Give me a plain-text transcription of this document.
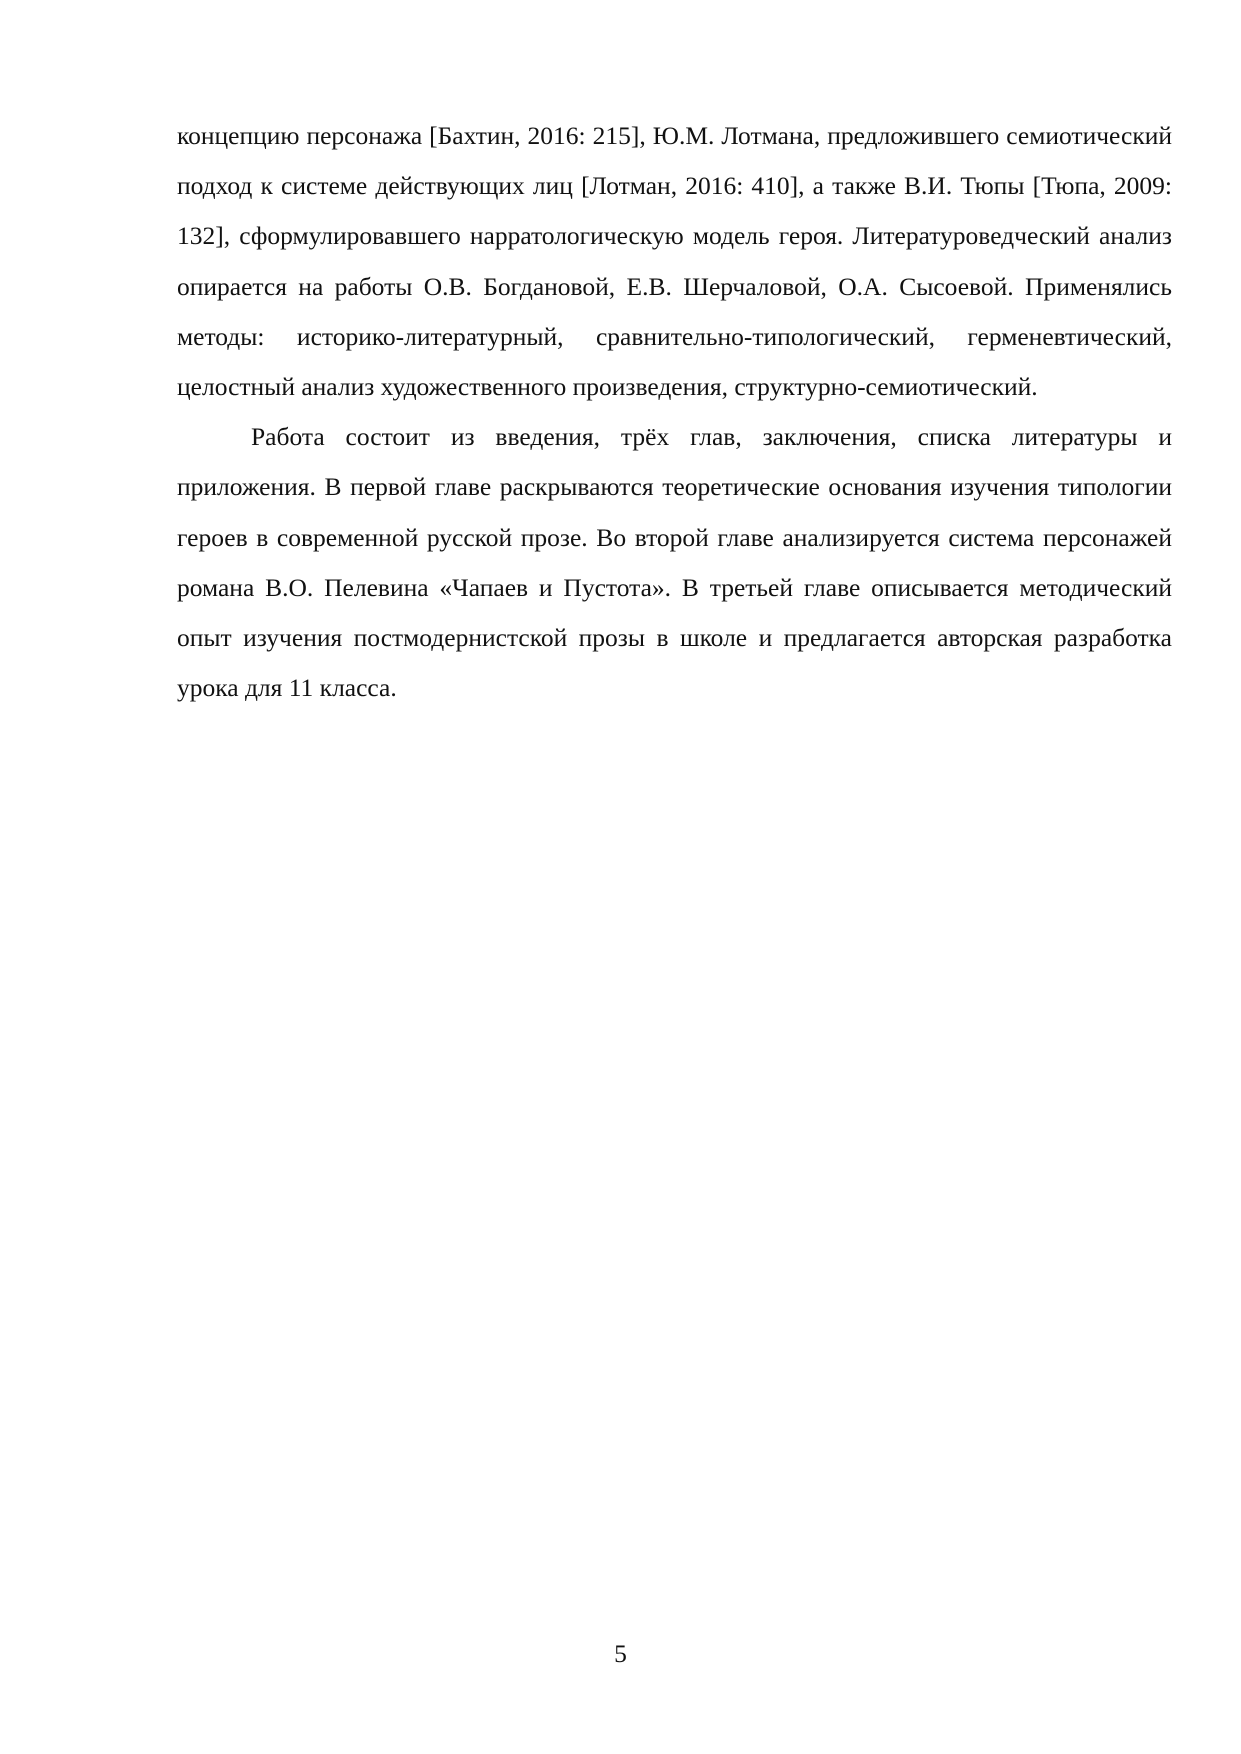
концепцию персонажа [Бахтин, 2016: 215], Ю.М. Лотмана, предложившего семиотический подход к системе действующих лиц [Лотман, 2016: 410], а также В.И. Тюпы [Тюпа, 2009: 132], сформулировавшего нарратологическую модель героя. Литературоведческий анализ опирается на работы О.В. Богдановой, Е.В. Шерчаловой, О.А. Сысоевой. Применялись методы: историко-литературный, сравнительно-типологический, герменевтический, целостный анализ художественного произведения, структурно-семиотический.

Работа состоит из введения, трёх глав, заключения, списка литературы и приложения. В первой главе раскрываются теоретические основания изучения типологии героев в современной русской прозе. Во второй главе анализируется система персонажей романа В.О. Пелевина «Чапаев и Пустота». В третьей главе описывается методический опыт изучения постмодернистской прозы в школе и предлагается авторская разработка урока для 11 класса.

5
